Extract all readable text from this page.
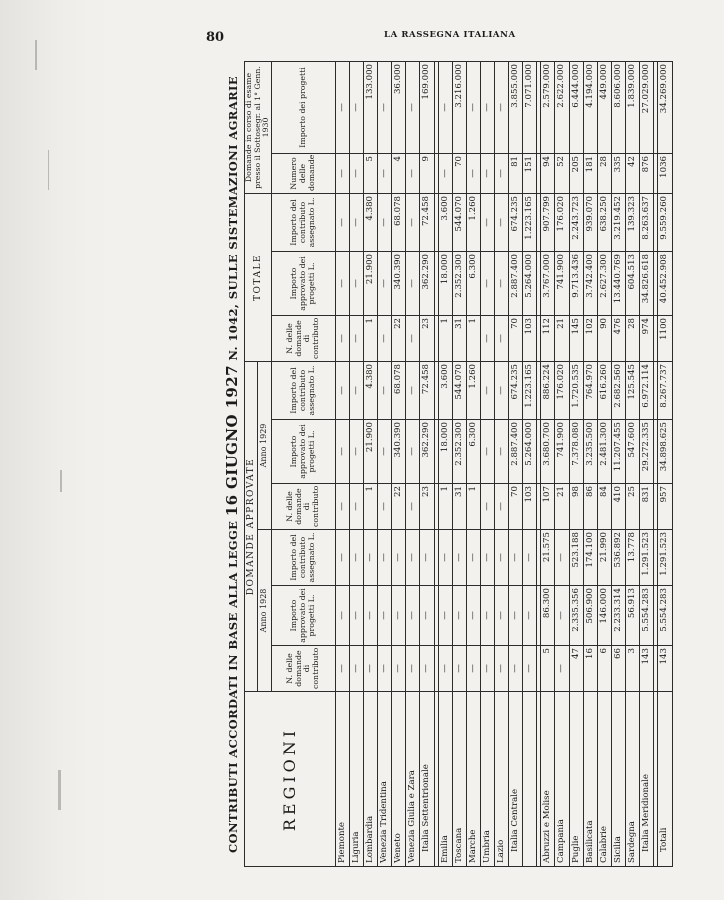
80	LA RASSEGNA ITALIANA
CONTRIBUTI ACCORDATI IN BASE ALLA LEGGE 16 GIUGNO 1927 N. 1042, SULLE SISTEMAZIONI AGRARIE
REGIONI	DOMANDE APPROVATE						TOTALE			Domande in corso di esame presso il Sottosegr. al 1° Genn. 1930	
	Anno 1928			Anno 1929							
	N. delle domande di contributo	Importo approvato dei progetti L.	Importo del contributo assegnato L.	N. delle domande di contributo	Importo approvato dei progetti L.	Importo del contributo assegnato L.	N. delle domande di contributo	Importo approvato dei progetti L.	Importo del contributo assegnato L.	Numero delle domande	Importo dei progetti
Piemonte	—	—	—	—	—	—	—	—	—	—	—
Liguria	—	—	—	—	—	—	—	—	—	—	—
Lombardia	—	—	—	1	21.900	4.380	1	21.900	4.380	5	133.000
Venezia Tridentina	—	—	—	—	—	—	—	—	—	—	—
Veneto	—	—	—	22	340.390	68.078	22	340.390	68.078	4	36.000
Venezia Giulia e Zara	—	—	—	—	—	—	—	—	—	—	—
Italia Settentrionale	—	—	—	23	362.290	72.458	23	362.290	72.458	9	169.000

Emilia	—	—	—	1	18.000	3.600	1	18.000	3.600	—	—
Toscana	—	—	—	31	2.352.300	544.070	31	2.352.300	544.070	70	3.216.000
Marche	—	—	—	1	6.300	1.260	1	6.300	1.260	—	—
Umbria	—	—	—	—	—	—	—	—	—	—	—
Lazio	—	—	—	—	—	—	—	—	—	—	—
Italia Centrale	—	—	—	70	2.887.400	674.235	70	2.887.400	674.235	81	3.855.000
	—	—	—	103	5.264.000	1.223.165	103	5.264.000	1.223.165	151	7.071.000

Abruzzi e Molise	5	86.300	21.575	107	3.680.700	886.224	112	3.767.000	907.799	94	2.579.000
Campania	—	—	—	21	741.900	176.020	21	741.900	176.020	52	2.622.000
Puglie	47	2.335.356	523.188	98	7.378.080	1.720.535	145	9.713.436	2.243.723	205	6.444.000
Basilicata	16	506.900	174.100	86	3.235.500	764.970	102	3.742.400	939.070	181	4.194.000
Calabrie	6	146.000	21.990	84	2.481.300	616.260	90	2.627.300	638.250	28	449.000
Sicilia	66	2.233.314	536.892	410	11.207.455	2.682.560	476	13.440.769	3.219.452	335	8.606.000
Sardegna	3	56.913	13.778	25	547.600	125.545	28	604.513	139.323	42	1.839.000
Italia Meridionale	143	5.554.283	1.291.523	831	29.272.335	6.972.114	974	34.826.618	8.263.637	876	27.029.000

Totali	143	5.554.283	1.291.523	957	34.898.625	8.267.737	1100	40.452.908	9.559.260	1036	34.269.000
